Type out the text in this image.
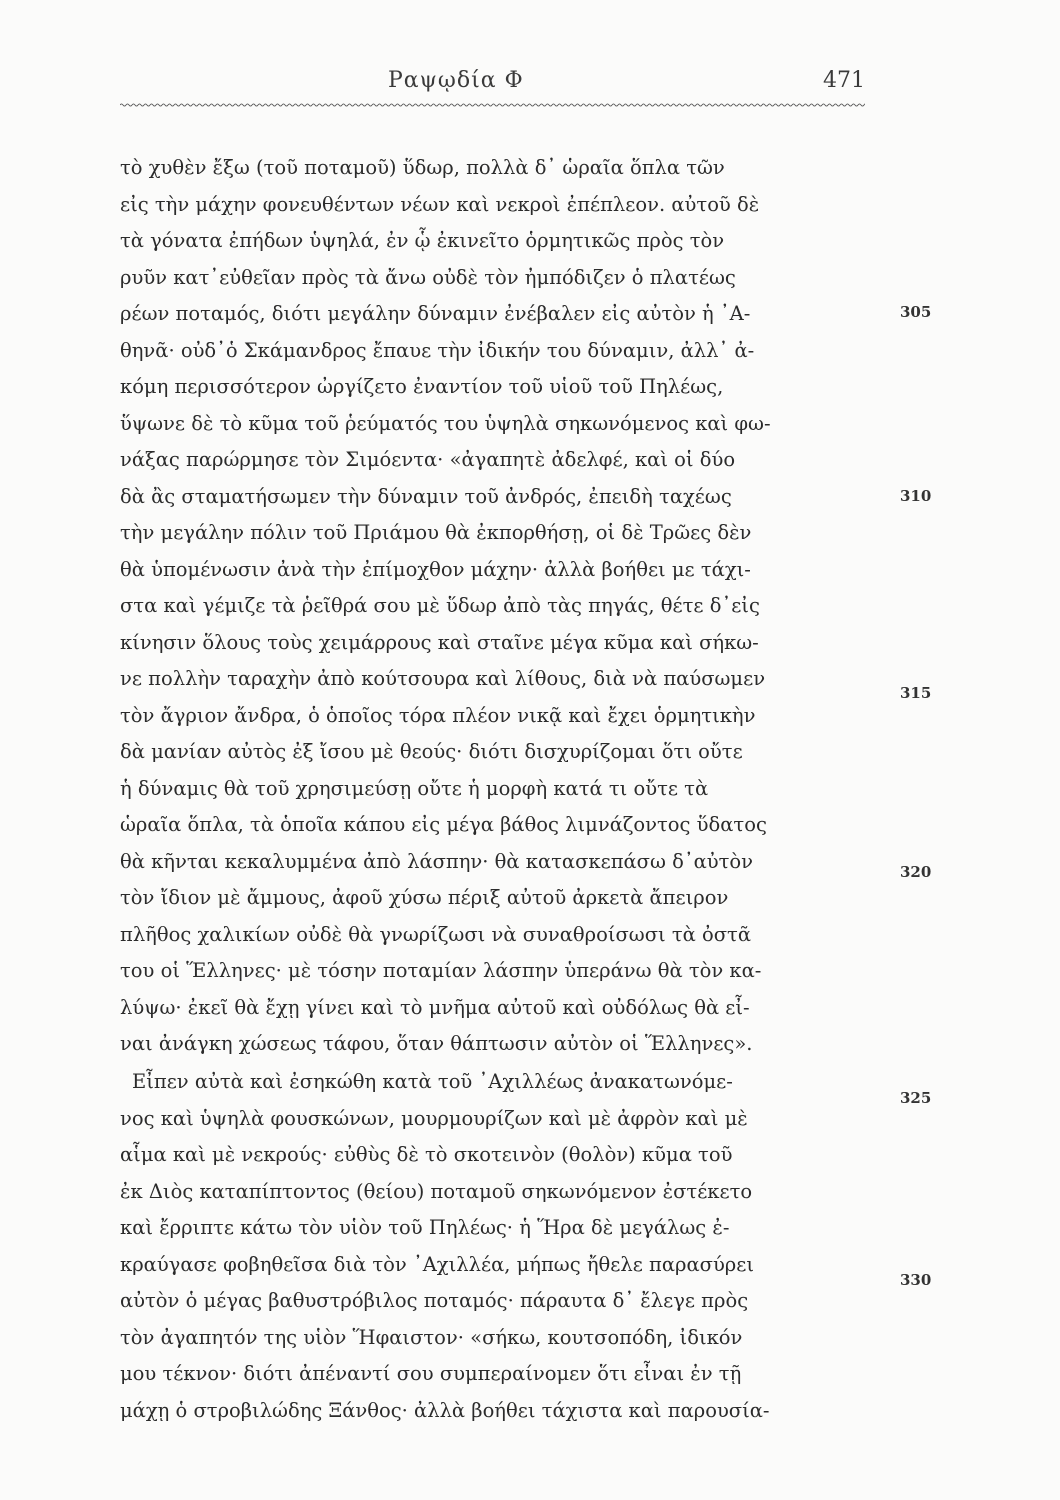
Ραψῳδία Φ	471
τὸ χυθὲν ἔξω (τοῦ ποταμοῦ) ὕδωρ, πολλὰ δ᾿ ὡραῖα ὅπλα τῶν
εἰς τὴν μάχην φονευθέντων νέων καὶ νεκροὶ ἐπέπλεον. αὐτοῦ δὲ
τὰ γόνατα ἐπήδων ὑψηλά, ἐν ᾧ ἐκινεῖτο ὁρμητικῶς πρὸς τὸν
ρυῦν κατ᾿εὐθεῖαν πρὸς τὰ ἄνω οὐδὲ τὸν ἠμπόδιζεν ὁ πλατέως
ρέων ποταμός, διότι μεγάλην δύναμιν ἐνέβαλεν εἰς αὐτὸν ἡ ᾿Α-
θηνᾶ· οὐδ᾿ὁ Σκάμανδρος ἔπαυε τὴν ἰδικήν του δύναμιν, ἀλλ᾿ ἀ-
κόμη περισσότερον ὠργίζετο ἐναντίον τοῦ υἱοῦ τοῦ Πηλέως,
ὕψωνε δὲ τὸ κῦμα τοῦ ῥεύματός του ὑψηλὰ σηκωνόμενος καὶ φω-
νάξας παρώρμησε τὸν Σιμόεντα· «ἀγαπητὲ ἀδελφέ, καὶ οἱ δύο
δὰ ἂς σταματήσωμεν τὴν δύναμιν τοῦ ἀνδρός, ἐπειδὴ ταχέως
τὴν μεγάλην πόλιν τοῦ Πριάμου θὰ ἐκπορθήσῃ, οἱ δὲ Τρῶες δὲν
θὰ ὑπομένωσιν ἀνὰ τὴν ἐπίμοχθον μάχην· ἀλλὰ βοήθει με τάχι-
στα καὶ γέμιζε τὰ ῥεῖθρά σου μὲ ὕδωρ ἀπὸ τὰς πηγάς, θέτε δ᾿εἰς
κίνησιν ὅλους τοὺς χειμάρρους καὶ σταῖνε μέγα κῦμα καὶ σήκω-
νε πολλὴν ταραχὴν ἀπὸ κούτσουρα καὶ λίθους, διὰ νὰ παύσωμεν
τὸν ἄγριον ἄνδρα, ὁ ὁποῖος τόρα πλέον νικᾷ καὶ ἔχει ὁρμητικὴν
δὰ μανίαν αὐτὸς ἐξ ἴσου μὲ θεούς· διότι δισχυρίζομαι ὅτι οὔτε
ἡ δύναμις θὰ τοῦ χρησιμεύσῃ οὔτε ἡ μορφὴ κατά τι οὔτε τὰ
ὡραῖα ὅπλα, τὰ ὁποῖα κάπου εἰς μέγα βάθος λιμνάζοντος ὕδατος
θὰ κῆνται κεκαλυμμένα ἀπὸ λάσπην· θὰ κατασκεπάσω δ᾿αὐτὸν
τὸν ἴδιον μὲ ἄμμους, ἀφοῦ χύσω πέριξ αὐτοῦ ἀρκετὰ ἄπειρον
πλῆθος χαλικίων οὐδὲ θὰ γνωρίζωσι νὰ συναθροίσωσι τὰ ὀστᾶ
του οἱ Ἕλληνες· μὲ τόσην ποταμίαν λάσπην ὑπεράνω θὰ τὸν κα-
λύψω· ἐκεῖ θὰ ἔχῃ γίνει καὶ τὸ μνῆμα αὐτοῦ καὶ οὐδόλως θὰ εἶ-
ναι ἀνάγκη χώσεως τάφου, ὅταν θάπτωσιν αὐτὸν οἱ Ἕλληνες».
Εἶπεν αὐτὰ καὶ ἐσηκώθη κατὰ τοῦ ᾿Αχιλλέως ἀνακατωνόμε-
νος καὶ ὑψηλὰ φουσκώνων, μουρμουρίζων καὶ μὲ ἀφρὸν καὶ μὲ
αἷμα καὶ μὲ νεκρούς· εὐθὺς δὲ τὸ σκοτεινὸν (θολὸν) κῦμα τοῦ
ἐκ Διὸς καταπίπτοντος (θείου) ποταμοῦ σηκωνόμενον ἐστέκετο
καὶ ἔρριπτε κάτω τὸν υἱὸν τοῦ Πηλέως· ἡ Ἥρα δὲ μεγάλως ἐ-
κραύγασε φοβηθεῖσα διὰ τὸν ᾿Αχιλλέα, μήπως ἤθελε παρασύρει
αὐτὸν ὁ μέγας βαθυστρόβιλος ποταμός· πάραυτα δ᾿ ἔλεγε πρὸς
τὸν ἀγαπητόν της υἱὸν Ἥφαιστον· «σήκω, κουτσοπόδη, ἰδικόν
μου τέκνον· διότι ἀπέναντί σου συμπεραίνομεν ὅτι εἶναι ἐν τῇ
μάχῃ ὁ στροβιλώδης Ξάνθος· ἀλλὰ βοήθει τάχιστα καὶ παρουσία-
305
310
315
320
325
330
